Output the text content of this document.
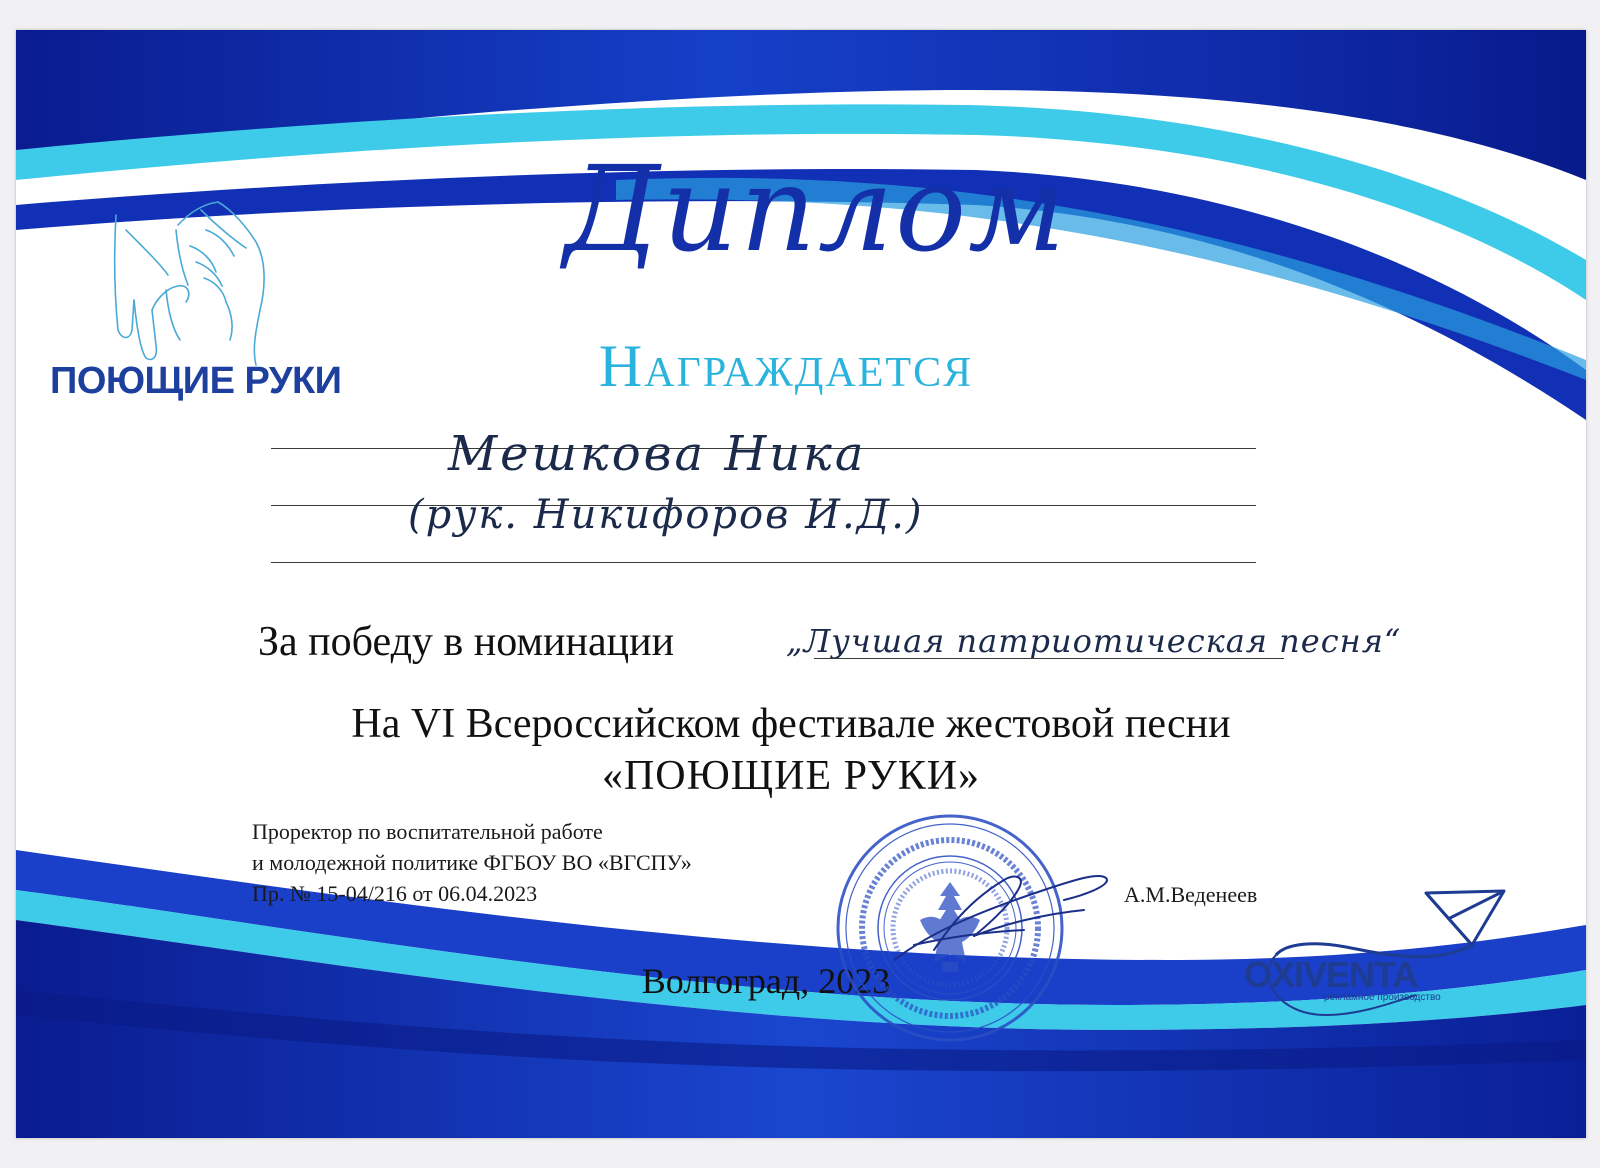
ПОЮЩИЕ РУКИ
Диплом
Награждается
Мешкова Ника
(рук. Никифоров И.Д.)
За победу в номинации	„Лучшая патриотическая песня“
На VI Всероссийском фестивале жестовой песни
«ПОЮЩИЕ РУКИ»
Проректор по воспитательной работе
и молодежной политике ФГБОУ ВО «ВГСПУ»
Пр. № 15-04/216 от 06.04.2023	А.М.Веденеев
Волгоград, 2023	OXIVENTA
рекламное производство
